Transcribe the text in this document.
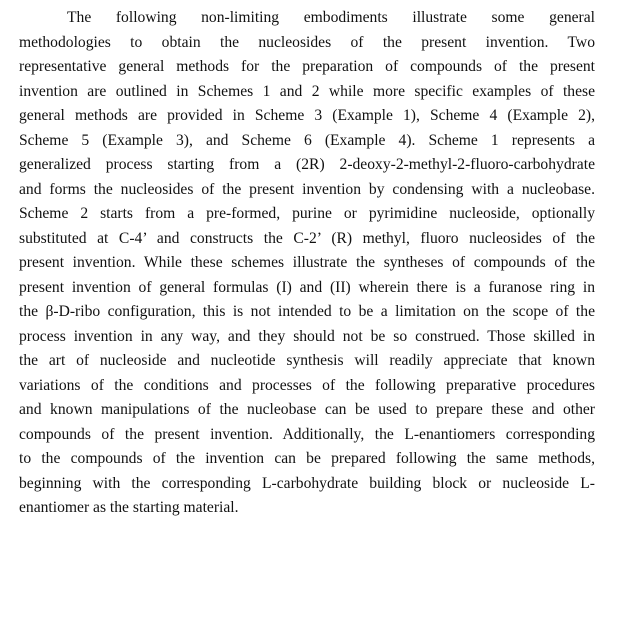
The following non-limiting embodiments illustrate some general
methodologies to obtain the nucleosides of the present invention. Two
representative general methods for the preparation of compounds of the present
invention are outlined in Schemes 1 and 2 while more specific examples of these
general methods are provided in Scheme 3 (Example 1), Scheme 4 (Example 2),
Scheme 5 (Example 3), and Scheme 6 (Example 4). Scheme 1 represents a
generalized process starting from a (2R) 2-deoxy-2-methyl-2-fluoro-carbohydrate
and forms the nucleosides of the present invention by condensing with a nucleobase.
Scheme 2 starts from a pre-formed, purine or pyrimidine nucleoside, optionally
substituted at C-4’ and constructs the C-2’ (R) methyl, fluoro nucleosides of the
present invention. While these schemes illustrate the syntheses of compounds of the
present invention of general formulas (I) and (II) wherein there is a furanose ring in
the β-D-ribo configuration, this is not intended to be a limitation on the scope of the
process invention in any way, and they should not be so construed. Those skilled in
the art of nucleoside and nucleotide synthesis will readily appreciate that known
variations of the conditions and processes of the following preparative procedures
and known manipulations of the nucleobase can be used to prepare these and other
compounds of the present invention. Additionally, the L-enantiomers corresponding
to the compounds of the invention can be prepared following the same methods,
beginning with the corresponding L-carbohydrate building block or nucleoside L-
enantiomer as the starting material.
